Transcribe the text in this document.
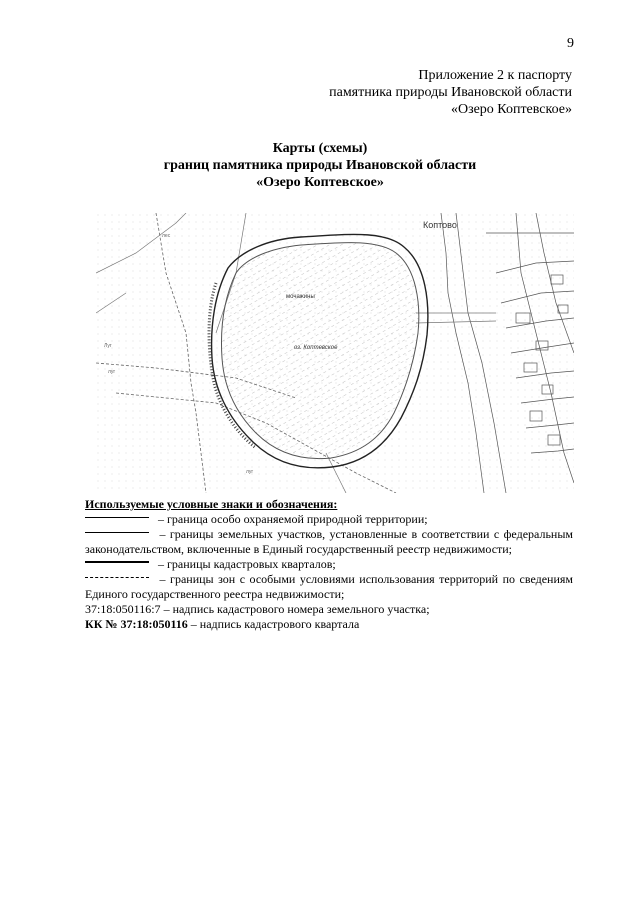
9
Приложение 2 к паспорту
памятника природы Ивановской области
«Озеро Коптевское»
Карты (схемы)
границ памятника природы Ивановской области
«Озеро Коптевское»
Коптово
мочажины
оз. Коптевское
Луг
луг
лес
луг
Используемые условные знаки и обозначения:
– граница особо охраняемой природной территории;
– границы земельных участков, установленные в соответствии с федеральным законодательством, включенные в Единый государственный реестр недвижимости;
– границы кадастровых кварталов;
– границы зон с особыми условиями использования территорий по сведениям Единого государственного реестра недвижимости;
37:18:050116:7 – надпись кадастрового номера земельного участка;
КК № 37:18:050116 – надпись кадастрового квартала
